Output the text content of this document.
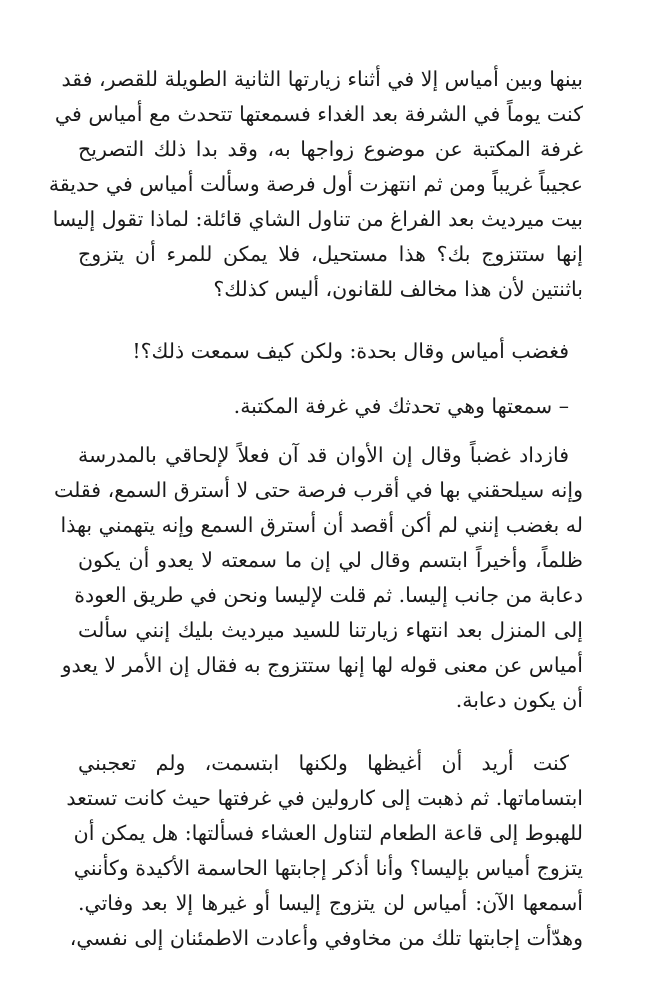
بينها وبين أمياس إلا في أثناء زيارتها الثانية الطويلة للقصر، فقد
كنت يوماً في الشرفة بعد الغداء فسمعتها تتحدث مع أمياس في
غرفة المكتبة عن موضوع زواجها به، وقد بدا ذلك التصريح
عجيباً غريباً ومن ثم انتهزت أول فرصة وسألت أمياس في حديقة
بيت ميرديث بعد الفراغ من تناول الشاي قائلة: لماذا تقول إليسا
إنها ستتزوج بك؟ هذا مستحيل، فلا يمكن للمرء أن يتزوج
باثنتين لأن هذا مخالف للقانون، أليس كذلك؟
فغضب أمياس وقال بحدة: ولكن كيف سمعت ذلك؟!
– سمعتها وهي تحدثك في غرفة المكتبة.
فازداد غضباً وقال إن الأوان قد آن فعلاً لإلحاقي بالمدرسة
وإنه سيلحقني بها في أقرب فرصة حتى لا أسترق السمع، فقلت
له بغضب إنني لم أكن أقصد أن أسترق السمع وإنه يتهمني بهذا
ظلماً، وأخيراً ابتسم وقال لي إن ما سمعته لا يعدو أن يكون
دعابة من جانب إليسا. ثم قلت لإليسا ونحن في طريق العودة
إلى المنزل بعد انتهاء زيارتنا للسيد ميرديث بليك إنني سألت
أمياس عن معنى قوله لها إنها ستتزوج به فقال إن الأمر لا يعدو
أن يكون دعابة.
كنت أريد أن أغيظها ولكنها ابتسمت، ولم تعجبني
ابتساماتها. ثم ذهبت إلى كارولين في غرفتها حيث كانت تستعد
للهبوط إلى قاعة الطعام لتناول العشاء فسألتها: هل يمكن أن
يتزوج أمياس بإليسا؟ وأنا أذكر إجابتها الحاسمة الأكيدة وكأنني
أسمعها الآن: أمياس لن يتزوج إليسا أو غيرها إلا بعد وفاتي.
وهدّأت إجابتها تلك من مخاوفي وأعادت الاطمئنان إلى نفسي،
